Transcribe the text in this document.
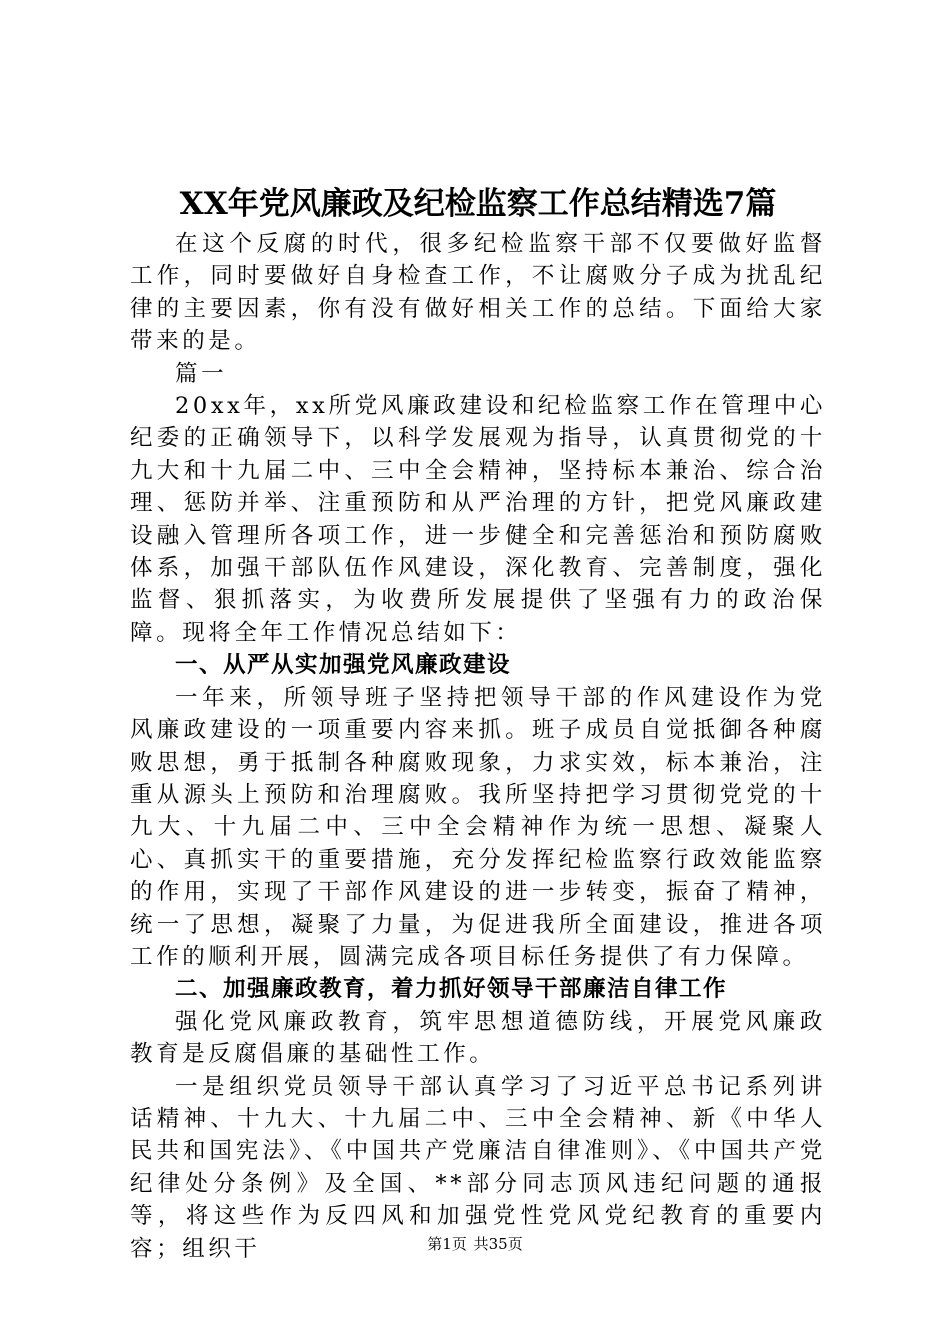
XX年党风廉政及纪检监察工作总结精选7篇

在这个反腐的时代，很多纪检监察干部不仅要做好监督工作，同时要做好自身检查工作，不让腐败分子成为扰乱纪律的主要因素，你有没有做好相关工作的总结。下面给大家带来的是。

篇一

20xx年，xx所党风廉政建设和纪检监察工作在管理中心纪委的正确领导下，以科学发展观为指导，认真贯彻党的十九大和十九届二中、三中全会精神，坚持标本兼治、综合治理、惩防并举、注重预防和从严治理的方针，把党风廉政建设融入管理所各项工作，进一步健全和完善惩治和预防腐败体系，加强干部队伍作风建设，深化教育、完善制度，强化监督、狠抓落实，为收费所发展提供了坚强有力的政治保障。现将全年工作情况总结如下：

一、从严从实加强党风廉政建设

一年来，所领导班子坚持把领导干部的作风建设作为党风廉政建设的一项重要内容来抓。班子成员自觉抵御各种腐败思想，勇于抵制各种腐败现象，力求实效，标本兼治，注重从源头上预防和治理腐败。我所坚持把学习贯彻党党的十九大、十九届二中、三中全会精神作为统一思想、凝聚人心、真抓实干的重要措施，充分发挥纪检监察行政效能监察的作用，实现了干部作风建设的进一步转变，振奋了精神，统一了思想，凝聚了力量，为促进我所全面建设，推进各项工作的顺利开展，圆满完成各项目标任务提供了有力保障。

二、加强廉政教育，着力抓好领导干部廉洁自律工作

强化党风廉政教育，筑牢思想道德防线，开展党风廉政教育是反腐倡廉的基础性工作。

一是组织党员领导干部认真学习了习近平总书记系列讲话精神、十九大、十九届二中、三中全会精神、新《中华人民共和国宪法》、《中国共产党廉洁自律准则》、《中国共产党纪律处分条例》及全国、**部分同志顶风违纪问题的通报等，将这些作为反四风和加强党性党风党纪教育的重要内容；组织干	第1页 共35页
